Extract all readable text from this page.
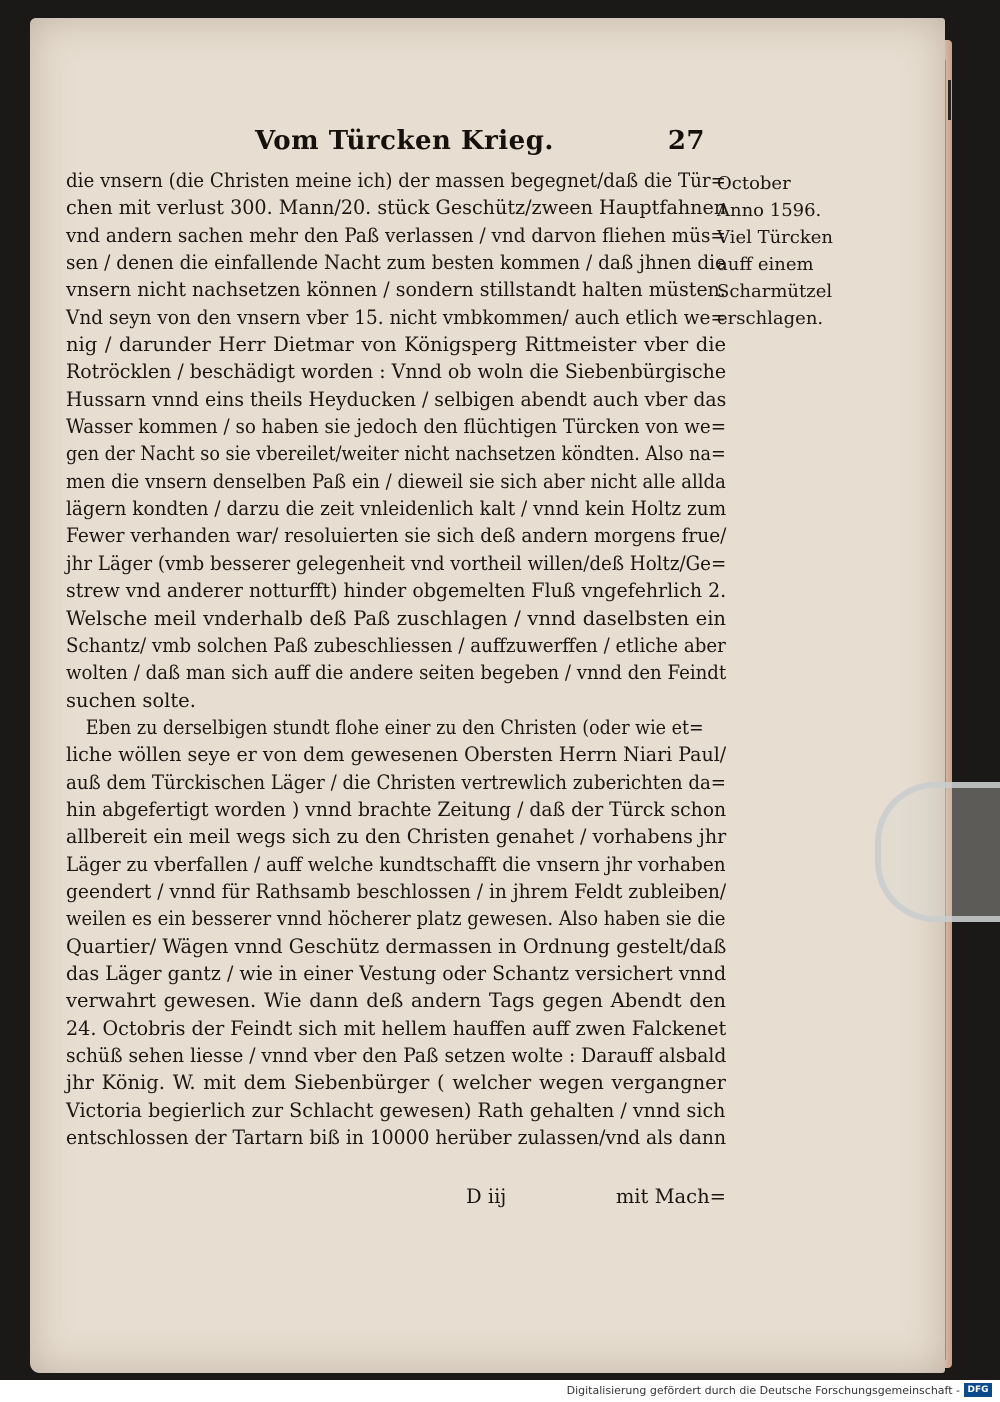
Vom Türcken Krieg.	27
die vnsern (die Christen meine ich) der massen begegnet/daß die Tür=
chen mit verlust 300. Mann/20. stück Geschütz/zween Hauptfahnen
vnd andern sachen mehr den Paß verlassen / vnd darvon fliehen müs=
sen / denen die einfallende Nacht zum besten kommen / daß jhnen die
vnsern nicht nachsetzen können / sondern stillstandt halten müsten.
Vnd seyn von den vnsern vber 15. nicht vmbkommen/ auch etlich we=
nig / darunder Herr Dietmar von Königsperg Rittmeister vber die
Rotröcklen / beschädigt worden : Vnnd ob woln die Siebenbürgische
Hussarn vnnd eins theils Heyducken / selbigen abendt auch vber das
Wasser kommen / so haben sie jedoch den flüchtigen Türcken von we=
gen der Nacht so sie vbereilet/weiter nicht nachsetzen köndten. Also na=
men die vnsern denselben Paß ein / dieweil sie sich aber nicht alle allda
lägern kondten / darzu die zeit vnleidenlich kalt / vnnd kein Holtz zum
Fewer verhanden war/ resoluierten sie sich deß andern morgens frue/
jhr Läger (vmb besserer gelegenheit vnd vortheil willen/deß Holtz/Ge=
strew vnd anderer notturfft) hinder obgemelten Fluß vngefehrlich 2.
Welsche meil vnderhalb deß Paß zuschlagen / vnnd daselbsten ein
Schantz/ vmb solchen Paß zubeschliessen / auffzuwerffen / etliche aber
wolten / daß man sich auff die andere seiten begeben / vnnd den Feindt
suchen solte.
Eben zu derselbigen stundt flohe einer zu den Christen (oder wie et=
liche wöllen seye er von dem gewesenen Obersten Herrn Niari Paul/
auß dem Türckischen Läger / die Christen vertrewlich zuberichten da=
hin abgefertigt worden ) vnnd brachte Zeitung / daß der Türck schon
allbereit ein meil wegs sich zu den Christen genahet / vorhabens jhr
Läger zu vberfallen / auff welche kundtschafft die vnsern jhr vorhaben
geendert / vnnd für Rathsamb beschlossen / in jhrem Feldt zubleiben/
weilen es ein besserer vnnd höcherer platz gewesen. Also haben sie die
Quartier/ Wägen vnnd Geschütz dermassen in Ordnung gestelt/daß
das Läger gantz / wie in einer Vestung oder Schantz versichert vnnd
verwahrt gewesen. Wie dann deß andern Tags gegen Abendt den
24. Octobris der Feindt sich mit hellem hauffen auff zwen Falckenet
schüß sehen liesse / vnnd vber den Paß setzen wolte : Darauff alsbald
jhr König. W. mit dem Siebenbürger ( welcher wegen vergangner
Victoria begierlich zur Schlacht gewesen) Rath gehalten / vnnd sich
entschlossen der Tartarn biß in 10000 herüber zulassen/vnd als dann
October
Anno 1596.
Viel Türcken
auff einem
Scharmützel
erschlagen.
D iij	mit Mach=
Digitalisierung gefördert durch die Deutsche Forschungsgemeinschaft - DFG
